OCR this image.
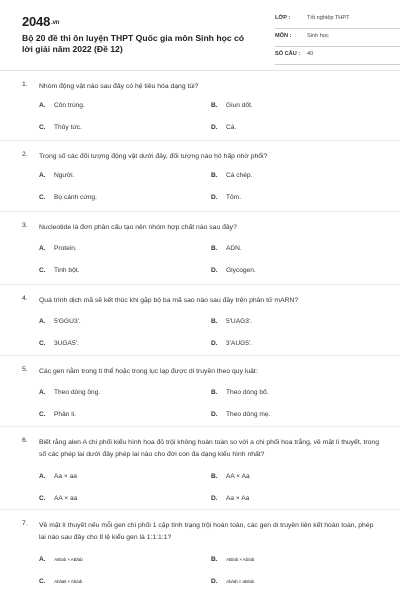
2048.vn
Bộ 20 đề thi ôn luyện THPT Quốc gia môn Sinh học có lời giải năm 2022 (Đề 12)
LỚP :	Tốt nghiệp THPT
MÔN :	Sinh học
SỐ CÂU : 40
1. Nhóm động vật nào sau đây có hệ tiêu hóa dạng túi?
A. Côn trùng.	B. Giun dốt.
C. Thủy tức.	D. Cá.
2. Trong số các đối tượng động vật dưới đây, đối tượng nào hô hấp nhờ phổi?
A. Người.	B. Cá chép.
C. Bọ cánh cứng.	D. Tôm.
3. Nucleotide là đơn phân cấu tạo nên nhóm hợp chất nào sau đây?
A. Protein.	B. ADN.
C. Tinh bột.	D. Glycogen.
4. Quá trình dịch mã sẽ kết thúc khi gặp bộ ba mã sao nào sau đây trên phân tử mARN?
A. 5'GGU3'.	B. 5'UAG3'.
C. 3UGA5'.	D. 3'AUG5'.
5. Các gen nằm trong ti thể hoặc trong lục lạp được di truyền theo quy luật:
A. Theo dòng ông.	B. Theo dòng bố.
C. Phân li.	D. Theo dòng mẹ.
6. Biết rằng alen A chi phối kiểu hình hoa đỏ trội không hoàn toàn so với a chi phối hoa trắng, về mặt lí thuyết, trong số các phép lai dưới đây phép lai nào cho đời con đa dạng kiểu hình nhất?
A. Aa × aa	B. AA × Aa
C. AA × aa	D. Aa × Aa
7. Về mặt lí thuyết nếu mỗi gen chi phối 1 cặp tính trạng trội hoàn toàn, các gen di truyền liên kết hoàn toàn, phép lai nào sau đây cho tỉ lệ kiểu gen là 1:1:1:1?
A. AB/ab × AB/ab	B. AB/ab × Ab/ab
C. Ab/aB × Ab/ab	D. Ab/ab × aB/ab
